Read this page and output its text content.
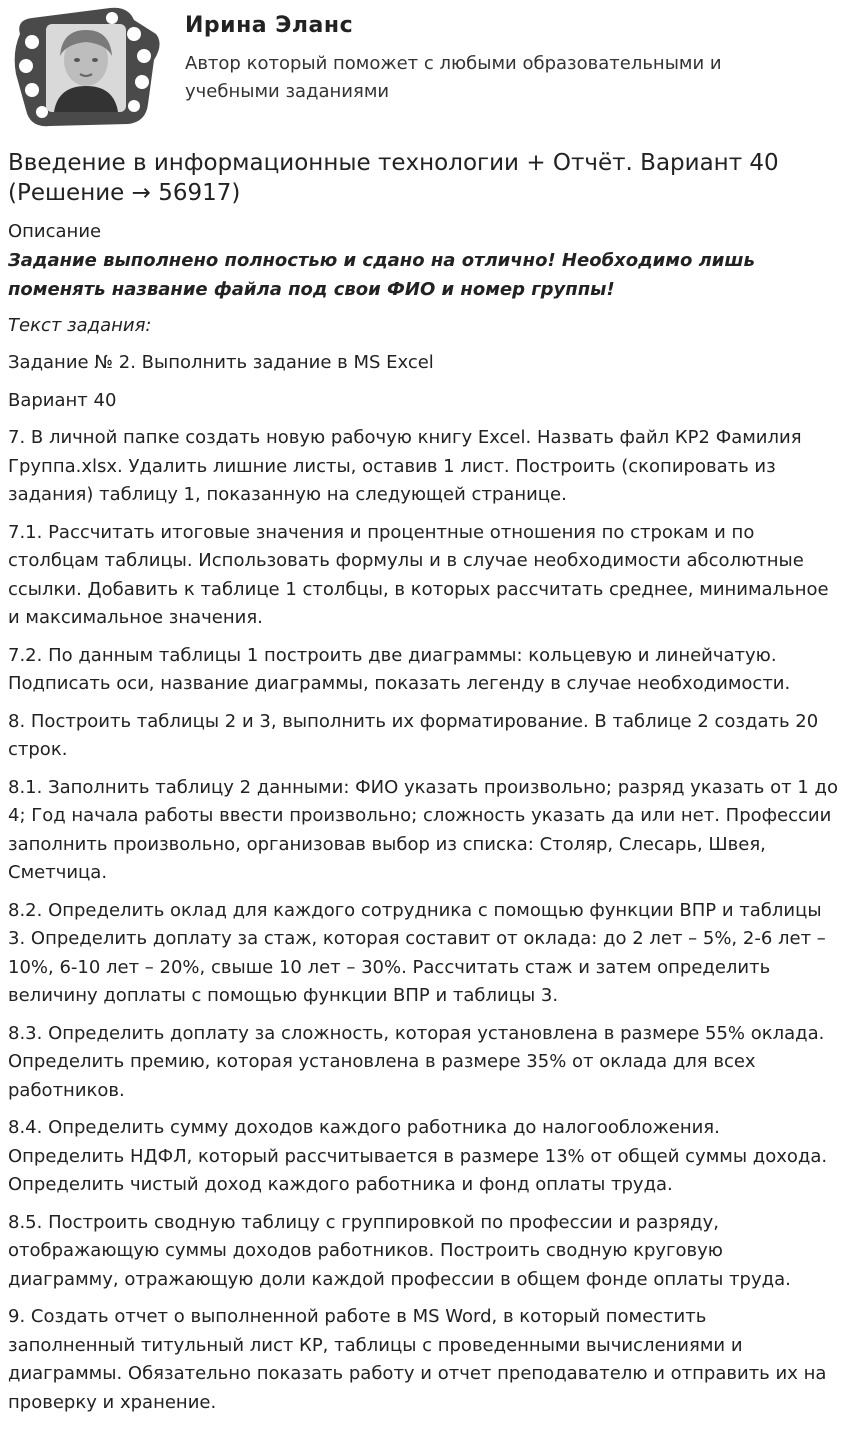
Ирина Эланс
Автор который поможет с любыми образовательными и учебными заданиями
Введение в информационные технологии + Отчёт. Вариант 40 (Решение → 56917)
Описание
Задание выполнено полностью и сдано на отлично! Необходимо лишь поменять название файла под свои ФИО и номер группы!
Текст задания:
Задание № 2. Выполнить задание в MS Excel
Вариант 40
7. В личной папке создать новую рабочую книгу Excel. Назвать файл КР2 Фамилия Группа.xlsx. Удалить лишние листы, оставив 1 лист. Построить (скопировать из задания) таблицу 1, показанную на следующей странице.
7.1. Рассчитать итоговые значения и процентные отношения по строкам и по столбцам таблицы. Использовать формулы и в случае необходимости абсолютные ссылки. Добавить к таблице 1 столбцы, в которых рассчитать среднее, минимальное и максимальное значения.
7.2. По данным таблицы 1 построить две диаграммы: кольцевую и линейчатую. Подписать оси, название диаграммы, показать легенду в случае необходимости.
8. Построить таблицы 2 и 3, выполнить их форматирование. В таблице 2 создать 20 строк.
8.1. Заполнить таблицу 2 данными: ФИО указать произвольно; разряд указать от 1 до 4; Год начала работы ввести произвольно; сложность указать да или нет. Профессии заполнить произвольно, организовав выбор из списка: Столяр, Слесарь, Швея, Сметчица.
8.2. Определить оклад для каждого сотрудника с помощью функции ВПР и таблицы 3. Определить доплату за стаж, которая составит от оклада: до 2 лет – 5%, 2-6 лет – 10%, 6-10 лет – 20%, свыше 10 лет – 30%. Рассчитать стаж и затем определить величину доплаты с помощью функции ВПР и таблицы 3.
8.3. Определить доплату за сложность, которая установлена в размере 55% оклада. Определить премию, которая установлена в размере 35% от оклада для всех работников.
8.4. Определить сумму доходов каждого работника до налогообложения. Определить НДФЛ, который рассчитывается в размере 13% от общей суммы дохода. Определить чистый доход каждого работника и фонд оплаты труда.
8.5. Построить сводную таблицу с группировкой по профессии и разряду, отображающую суммы доходов работников. Построить сводную круговую диаграмму, отражающую доли каждой профессии в общем фонде оплаты труда.
9. Создать отчет о выполненной работе в MS Word, в который поместить заполненный титульный лист КР, таблицы с проведенными вычислениями и диаграммы. Обязательно показать работу и отчет преподавателю и отправить их на проверку и хранение.
